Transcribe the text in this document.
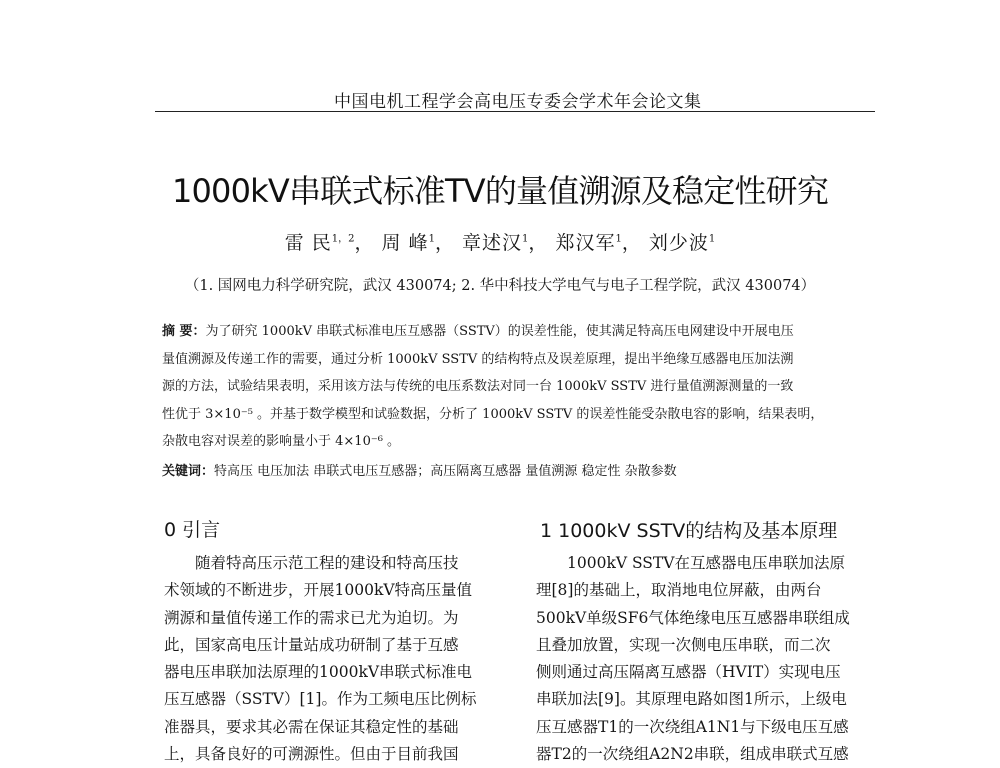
中国电机工程学会高电压专委会学术年会论文集
1000kV串联式标准TV的量值溯源及稳定性研究
雷 民$^{1,2}$， 周 峰$^1$， 章述汉$^1$， 郑汉军$^1$， 刘少波$^1$
（1. 国网电力科学研究院，武汉 430074; 2. 华中科技大学电气与电子工程学院，武汉 430074）
摘 要：为了研究 1000kV 串联式标准电压互感器（SSTV）的误差性能，使其满足特高压电网建设中开展电压
量值溯源及传递工作的需要，通过分析 1000kV SSTV 的结构特点及误差原理，提出半绝缘互感器电压加法溯
源的方法，试验结果表明，采用该方法与传统的电压系数法对同一台 1000kV SSTV 进行量值溯源测量的一致
性优于 3×10⁻⁵ 。并基于数学模型和试验数据，分析了 1000kV SSTV 的误差性能受杂散电容的影响，结果表明，
杂散电容对误差的影响量小于 4×10⁻⁶ 。
关键词：特高压 电压加法 串联式电压互感器；高压隔离互感器 量值溯源 稳定性 杂散参数
0 引言	1 1000kV SSTV的结构及基本原理
　　随着特高压示范工程的建设和特高压技
术领域的不断进步，开展1000kV特高压量值
溯源和量值传递工作的需求已尤为迫切。为
此，国家高电压计量站成功研制了基于互感
器电压串联加法原理的1000kV串联式标准电
压互感器（SSTV）[1]。作为工频电压比例标
准器具，要求其必需在保证其稳定性的基础
上，具备良好的可溯源性。但由于目前我国
　　1000kV SSTV在互感器电压串联加法原
理[8]的基础上，取消地电位屏蔽，由两台
500kV单级SF6气体绝缘电压互感器串联组成
且叠加放置，实现一次侧电压串联，而二次
侧则通过高压隔离互感器（HVIT）实现电压
串联加法[9]。其原理电路如图1所示，上级电
压互感器T1的一次绕组A1N1与下级电压互感
器T2的一次绕组A2N2串联，组成串联式互感
